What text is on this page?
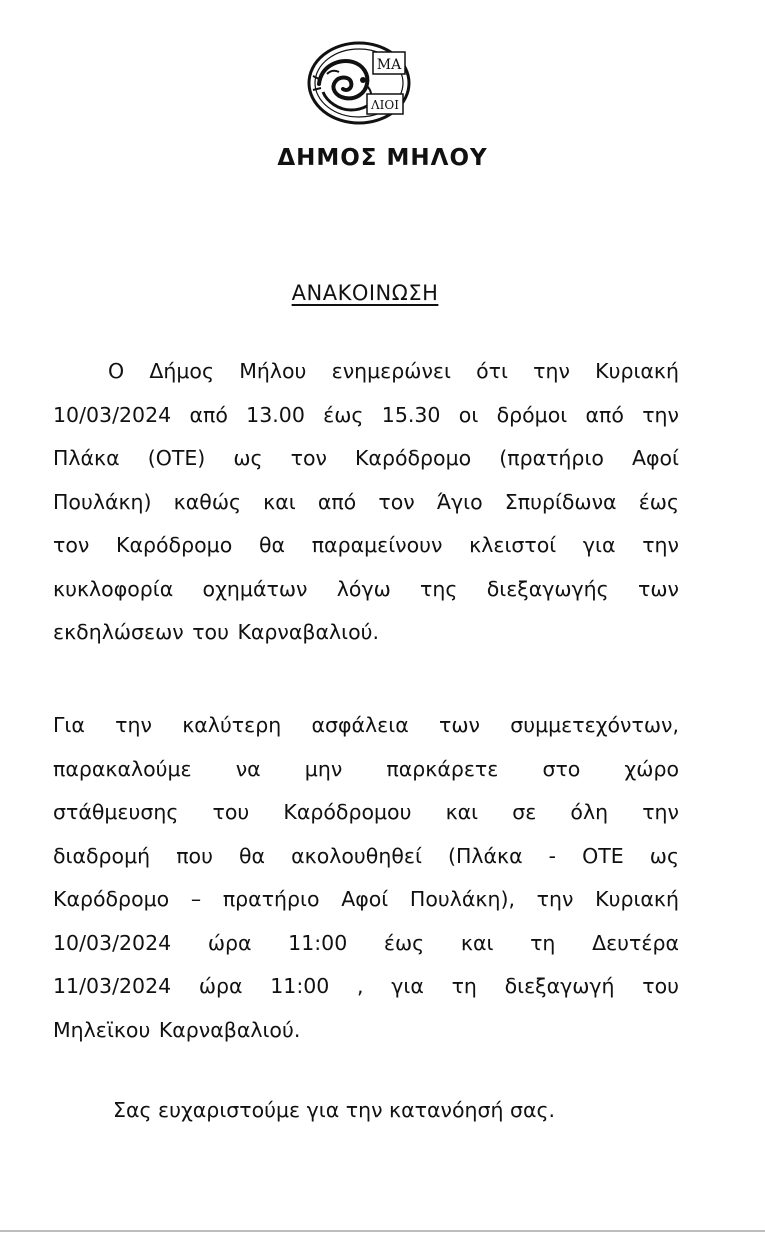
ΜΑ
ΛΙΟΙ
ΔΗΜΟΣ ΜΗΛΟΥ
ΑΝΑΚΟΙΝΩΣΗ

Ο Δήμος Μήλου ενημερώνει ότι την Κυριακή
10/03/2024 από 13.00 έως 15.30 οι δρόμοι από την
Πλάκα (ΟΤΕ) ως τον Καρόδρομο (πρατήριο Αφοί
Πουλάκη) καθώς και από τον Άγιο Σπυρίδωνα έως
τον Καρόδρομο θα παραμείνουν κλειστοί για την
κυκλοφορία οχημάτων λόγω της διεξαγωγής των
εκδηλώσεων του Καρναβαλιού.

Για την καλύτερη ασφάλεια των συμμετεχόντων,
παρακαλούμε να μην παρκάρετε στο χώρο
στάθμευσης του Καρόδρομου και σε όλη την
διαδρομή που θα ακολουθηθεί (Πλάκα - ΟΤΕ ως
Καρόδρομο – πρατήριο Αφοί Πουλάκη), την Κυριακή
10/03/2024 ώρα 11:00 έως και τη Δευτέρα
11/03/2024 ώρα 11:00 , για τη διεξαγωγή του
Μηλεϊκου Καρναβαλιού.

Σας ευχαριστούμε για την κατανόησή σας.
